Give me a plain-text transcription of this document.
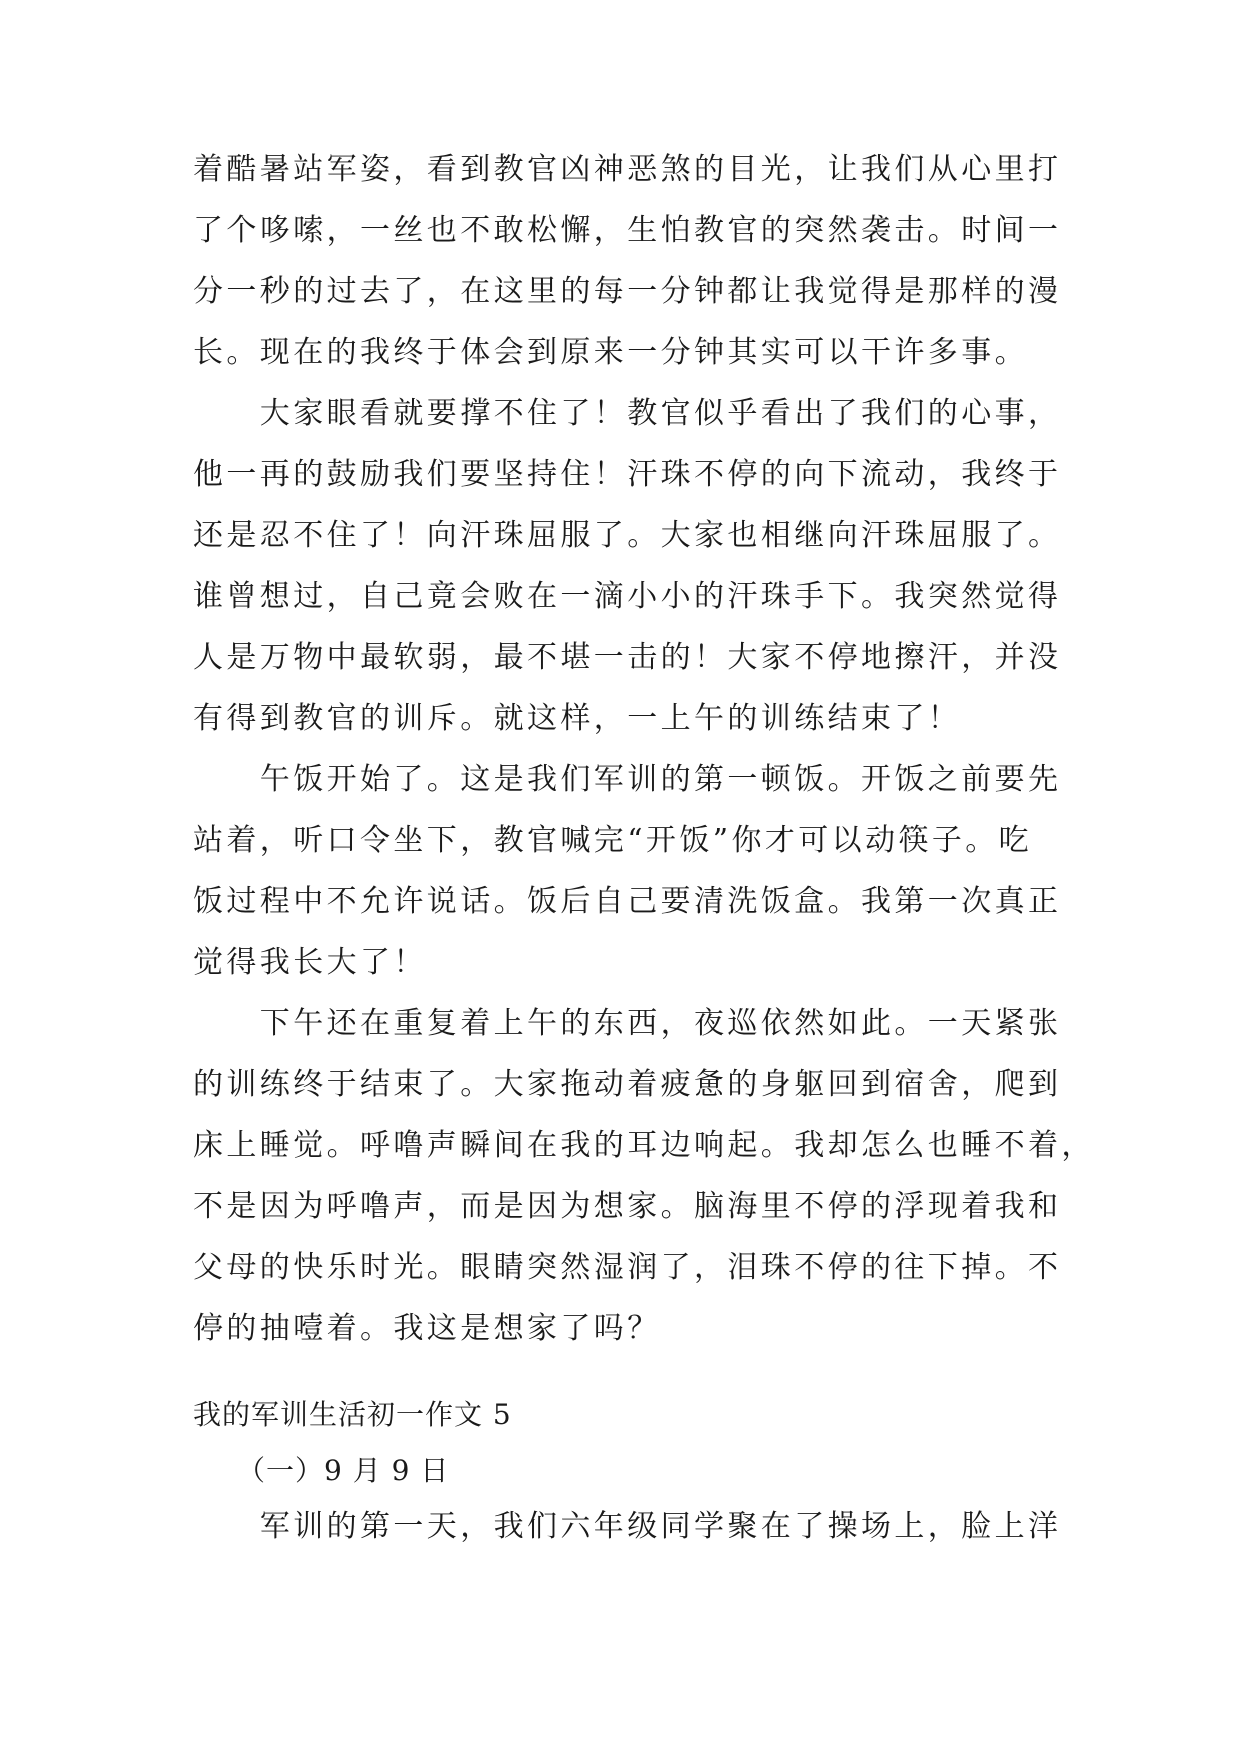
着酷暑站军姿，看到教官凶神恶煞的目光，让我们从心里打
了个哆嗦，一丝也不敢松懈，生怕教官的突然袭击。时间一
分一秒的过去了，在这里的每一分钟都让我觉得是那样的漫
长。现在的我终于体会到原来一分钟其实可以干许多事。
　　大家眼看就要撑不住了！教官似乎看出了我们的心事，
他一再的鼓励我们要坚持住！汗珠不停的向下流动，我终于
还是忍不住了！向汗珠屈服了。大家也相继向汗珠屈服了。
谁曾想过，自己竟会败在一滴小小的汗珠手下。我突然觉得
人是万物中最软弱，最不堪一击的！大家不停地擦汗，并没
有得到教官的训斥。就这样，一上午的训练结束了！
　　午饭开始了。这是我们军训的第一顿饭。开饭之前要先
站着，听口令坐下，教官喊完“开饭”你才可以动筷子。吃
饭过程中不允许说话。饭后自己要清洗饭盒。我第一次真正
觉得我长大了！
　　下午还在重复着上午的东西，夜巡依然如此。一天紧张
的训练终于结束了。大家拖动着疲惫的身躯回到宿舍，爬到
床上睡觉。呼噜声瞬间在我的耳边响起。我却怎么也睡不着，
不是因为呼噜声，而是因为想家。脑海里不停的浮现着我和
父母的快乐时光。眼睛突然湿润了，泪珠不停的往下掉。不
停的抽噎着。我这是想家了吗？
我的军训生活初一作文 5
　　（一）9 月 9 日
　　军训的第一天，我们六年级同学聚在了操场上，脸上洋
